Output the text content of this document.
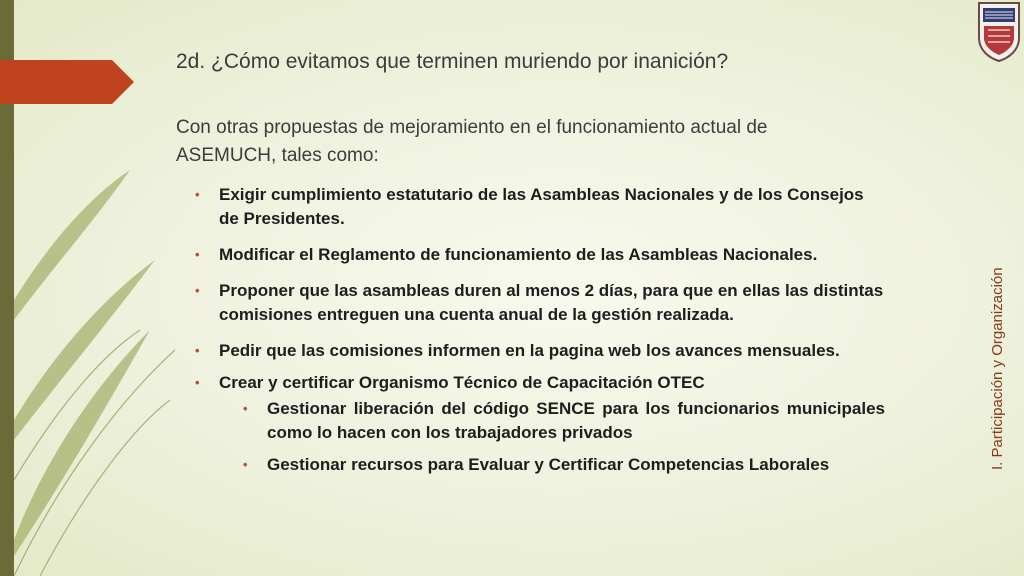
2d. ¿Cómo evitamos que terminen muriendo por inanición?

Con otras propuestas de mejoramiento en el funcionamiento actual de
ASEMUCH, tales como:

• Exigir cumplimiento estatutario de las Asambleas Nacionales y de los Consejos de Presidentes.
• Modificar el Reglamento de funcionamiento de las Asambleas Nacionales.
• Proponer que las asambleas duren al menos 2 días, para que en ellas las distintas comisiones entreguen una cuenta anual de la gestión realizada.
• Pedir que las comisiones informen en la pagina web los avances mensuales.
• Crear y certificar Organismo Técnico de Capacitación OTEC
• Gestionar liberación del código SENCE para los funcionarios municipales como lo hacen con los trabajadores privados
• Gestionar recursos para Evaluar y Certificar Competencias Laborales	I. Participación y Organización
